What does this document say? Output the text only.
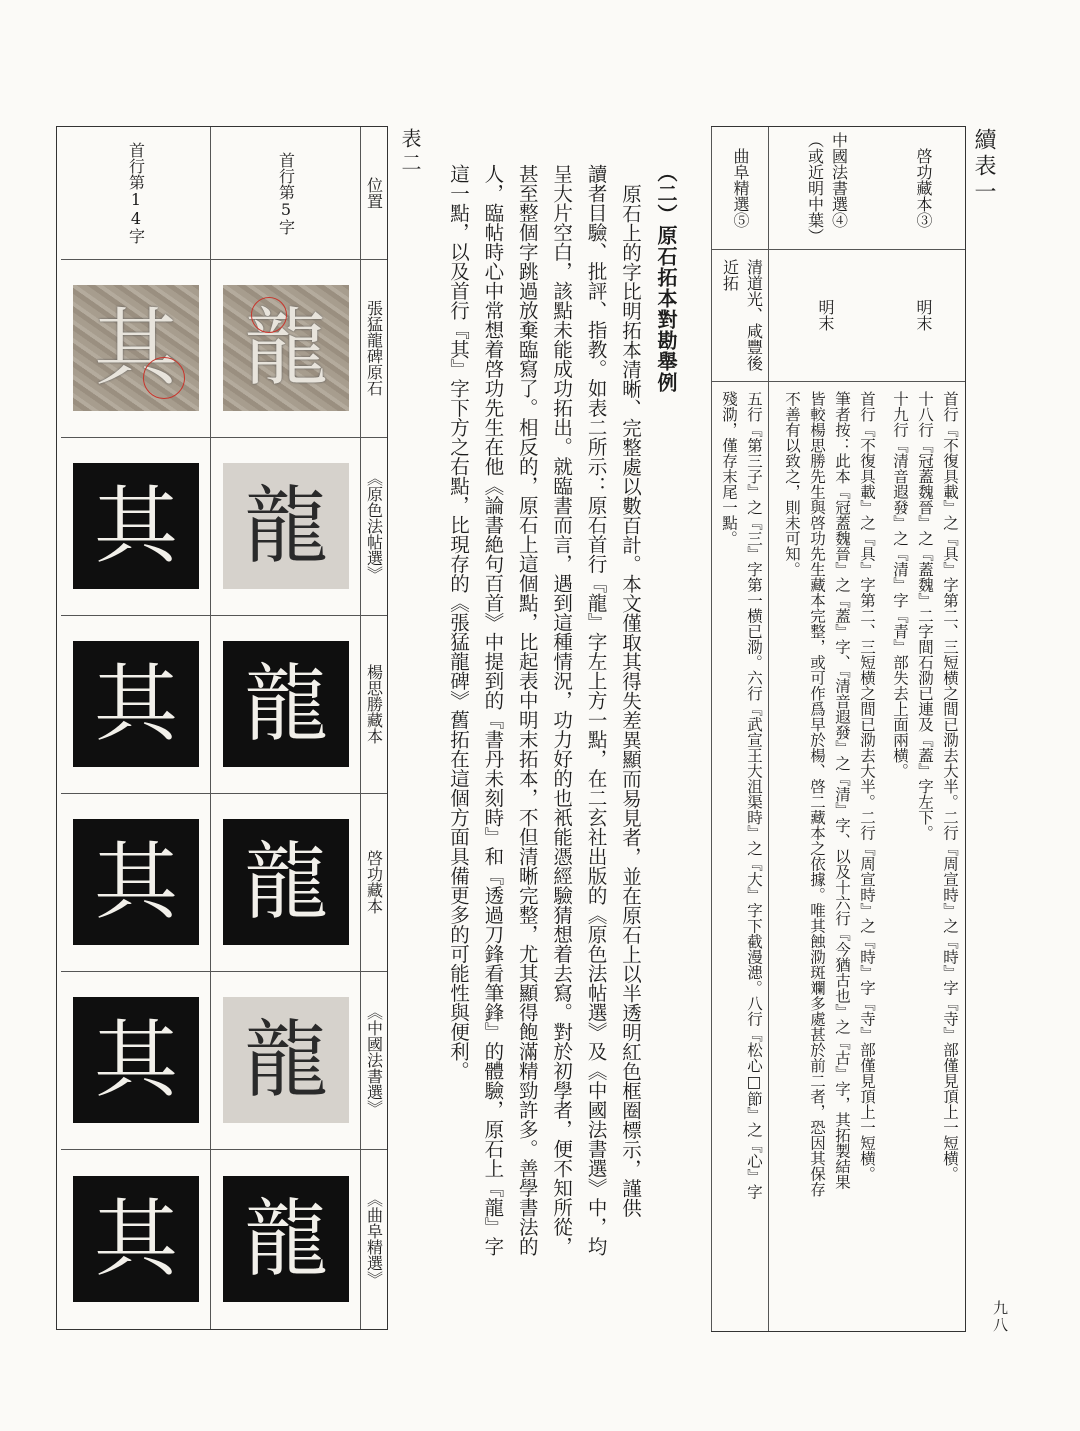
續表一
九八
啓功藏本③
明末
首行『不復具載』之『具』字第二、三短横之間已泐去大半。二行『周宣時』之『時』字『寺』部僅見頂上一短横。
十八行『冠蓋魏晉』之『蓋魏』二字間石泐已連及『蓋』字左下。
十九行『清音遐發』之『清』字『青』部失去上面兩横。
中國法書選④
（或近明中葉）
明末
首行『不復具載』之『具』字第二、三短横之間已泐去大半。二行『周宣時』之『時』字『寺』部僅見頂上一短横。
筆者按：此本『冠蓋魏晉』之『蓋』字、『清音遐發』之『清』字、以及十六行『今猶古也』之『古』字，其拓製結果
皆較楊思勝先生與啓功先生藏本完整，或可作爲早於楊、啓二藏本之依據。唯其蝕泐斑斕多處甚於前二者，恐因其保存
不善有以致之，則未可知。
曲阜精選⑤
清道光、咸豐後
近拓
五行『第三子』之『三』字第一横已泐。六行『武宣王大沮渠時』之『大』字下截漫漶。八行『松心□節』之『心』字
殘泐，僅存末尾一點。
（二）原石拓本對勘舉例
原石上的字比明拓本清晰、完整處以數百計。本文僅取其得失差異顯而易見者，並在原石上以半透明紅色框圈標示，謹供
讀者目驗、批評、指教。如表二所示：原石首行『龍』字左上方一點，在二玄社出版的《原色法帖選》及《中國法書選》中，均
呈大片空白，該點未能成功拓出。就臨書而言，遇到這種情況，功力好的也衹能憑經驗猜想着去寫。對於初學者，便不知所從，
甚至整個字跳過放棄臨寫了。相反的，原石上這個點，比起表中明末拓本，不但清晰完整，尤其顯得飽滿精勁許多。善學書法的
人，臨帖時心中常想着啓功先生在他《論書絶句百首》中提到的『書丹未刻時』和『透過刀鋒看筆鋒』的體驗，原石上『龍』字
這一點，以及首行『其』字下方之右點，比現存的《張猛龍碑》舊拓在這個方面具備更多的可能性與便利。
表二
位置
張猛龍碑原石
《原色法帖選》
楊思勝藏本
啓功藏本
《中國法書選》
《曲阜精選》
首行第5字
龍
龍
龍
龍
龍
龍
首行第14字
其
其
其
其
其
其
